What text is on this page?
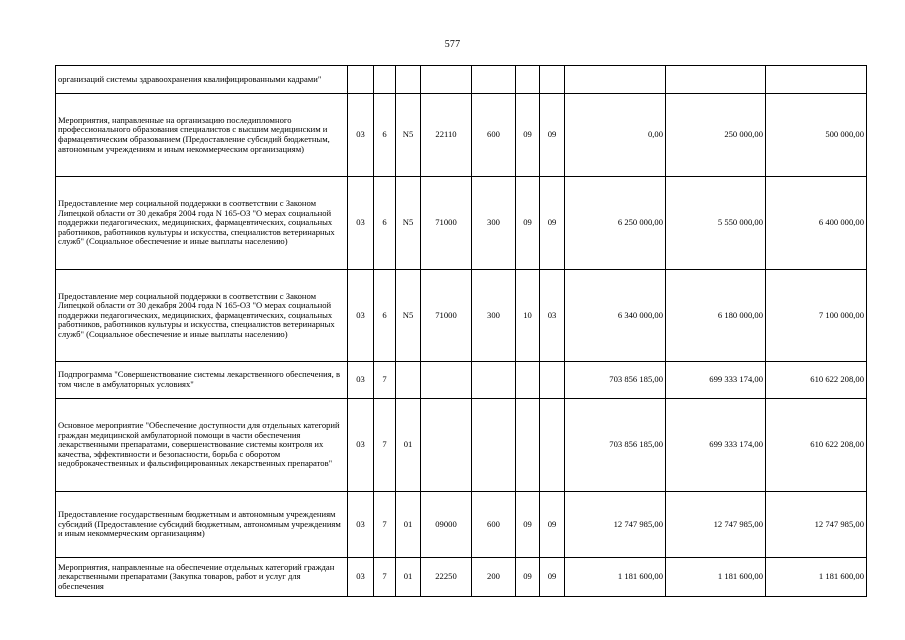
577
организаций системы здравоохранения квалифицированными кадрами"										
Мероприятия, направленные на организацию последипломного профессионального образования специалистов с высшим медицинским и фармацевтическим образованием (Предоставление субсидий бюджетным, автономным учреждениям и иным некоммерческим организациям)	03	6	N5	22110	600	09	09	0,00	250 000,00	500 000,00
Предоставление мер социальной поддержки в соответствии с Законом Липецкой области от 30 декабря 2004 года N 165-ОЗ "О мерах социальной поддержки педагогических, медицинских, фармацевтических, социальных работников, работников культуры и искусства, специалистов ветеринарных служб" (Социальное обеспечение и иные выплаты населению)	03	6	N5	71000	300	09	09	6 250 000,00	5 550 000,00	6 400 000,00
Предоставление мер социальной поддержки в соответствии с Законом Липецкой области от 30 декабря 2004 года N 165-ОЗ "О мерах социальной поддержки педагогических, медицинских, фармацевтических, социальных работников, работников культуры и искусства, специалистов ветеринарных служб" (Социальное обеспечение и иные выплаты населению)	03	6	N5	71000	300	10	03	6 340 000,00	6 180 000,00	7 100 000,00
Подпрограмма "Совершенствование системы лекарственного обеспечения, в том числе в амбулаторных условиях"	03	7						703 856 185,00	699 333 174,00	610 622 208,00
Основное мероприятие "Обеспечение доступности для отдельных категорий граждан медицинской амбулаторной помощи в части обеспечения лекарственными препаратами, совершенствование системы контроля их качества, эффективности и безопасности, борьба с оборотом недоброкачественных и фальсифицированных лекарственных препаратов"	03	7	01					703 856 185,00	699 333 174,00	610 622 208,00
Предоставление государственным бюджетным и автономным учреждениям субсидий (Предоставление субсидий бюджетным, автономным учреждениям и иным некоммерческим организациям)	03	7	01	09000	600	09	09	12 747 985,00	12 747 985,00	12 747 985,00
Мероприятия, направленные на обеспечение отдельных категорий граждан лекарственными препаратами (Закупка товаров, работ и услуг для обеспечения	03	7	01	22250	200	09	09	1 181 600,00	1 181 600,00	1 181 600,00
